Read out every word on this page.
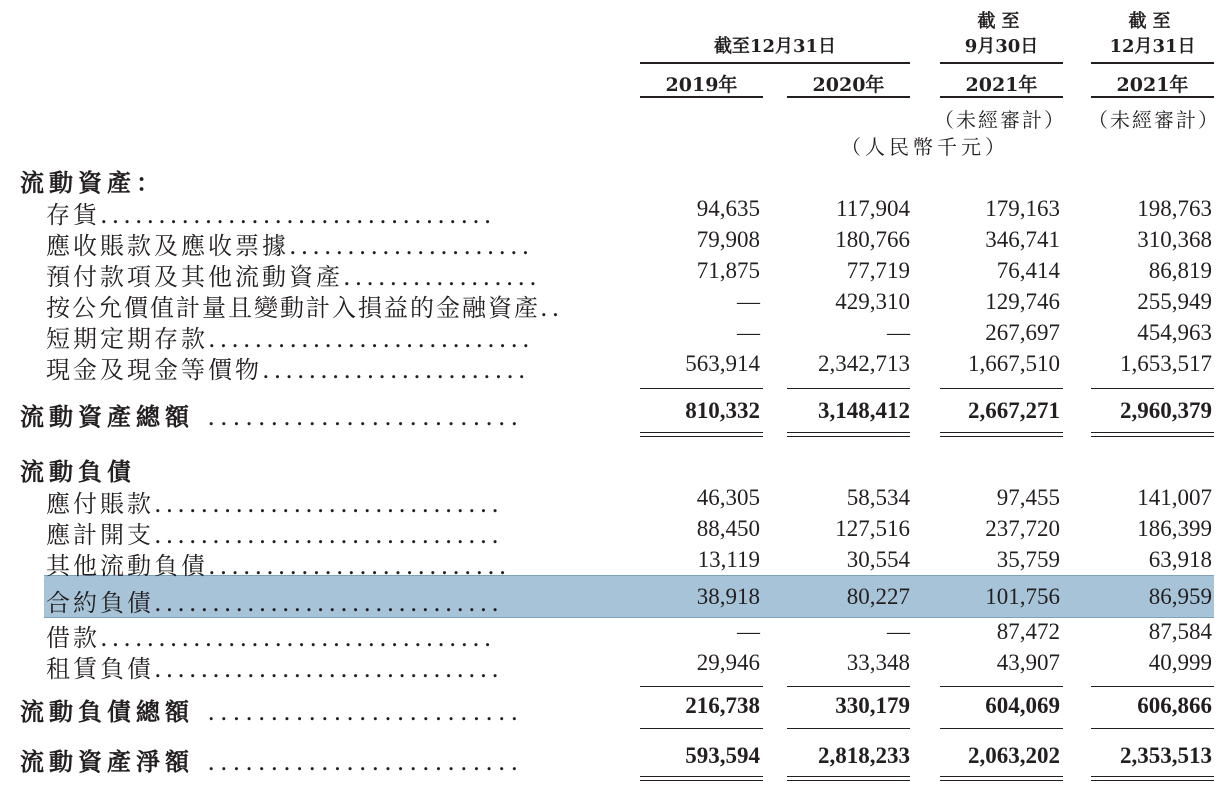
截至12月31日
截至
9月30日
截至
12月31日
2019年	2020年	2021年	2021年
（未經審計） （未經審計）
（人民幣千元）
流動資產：
存貨..................................	94,635	117,904	179,163	198,763
應收賬款及應收票據.....................	79,908	180,766	346,741	310,368
預付款項及其他流動資產.................	71,875	77,719	76,414	86,819
按公允價值計量且變動計入損益的金融資產..	—	429,310	129,746	255,949
短期定期存款............................	—	—	267,697	454,963
現金及現金等價物.......................	563,914	2,342,713	1,667,510	1,653,517
流動資產總額 .........................	810,332	3,148,412	2,667,271	2,960,379
流動負債
應付賬款..............................	46,305	58,534	97,455	141,007
應計開支..............................	88,450	127,516	237,720	186,399
其他流動負債..........................	13,119	30,554	35,759	63,918
合約負債..............................	38,918	80,227	101,756	86,959
借款..................................	—	—	87,472	87,584
租賃負債..............................	29,946	33,348	43,907	40,999
流動負債總額 .........................	216,738	330,179	604,069	606,866
流動資產淨額 .........................	593,594	2,818,233	2,063,202	2,353,513
